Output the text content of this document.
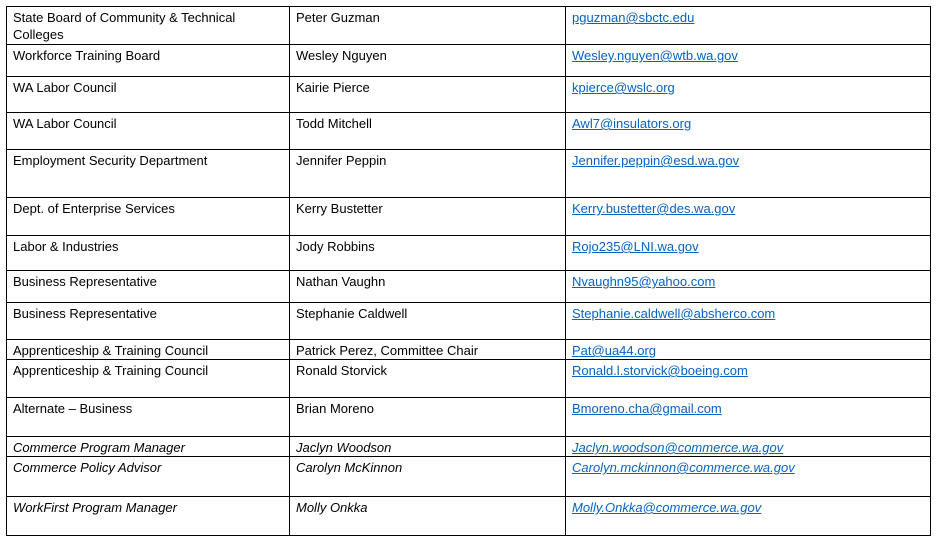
State Board of Community & Technical Colleges	Peter Guzman	pguzman@sbctc.edu
Workforce Training Board	Wesley Nguyen	Wesley.nguyen@wtb.wa.gov
WA Labor Council	Kairie Pierce	kpierce@wslc.org
WA Labor Council	Todd Mitchell	Awl7@insulators.org
Employment Security Department	Jennifer Peppin	Jennifer.peppin@esd.wa.gov
Dept. of Enterprise Services	Kerry Bustetter	Kerry.bustetter@des.wa.gov
Labor & Industries	Jody Robbins	Rojo235@LNI.wa.gov
Business Representative	Nathan Vaughn	Nvaughn95@yahoo.com
Business Representative	Stephanie Caldwell	Stephanie.caldwell@absherco.com
Apprenticeship & Training Council	Patrick Perez, Committee Chair	Pat@ua44.org
Apprenticeship & Training Council	Ronald Storvick	Ronald.l.storvick@boeing.com
Alternate – Business	Brian Moreno	Bmoreno.cha@gmail.com
Commerce Program Manager	Jaclyn Woodson	Jaclyn.woodson@commerce.wa.gov
Commerce Policy Advisor	Carolyn McKinnon	Carolyn.mckinnon@commerce.wa.gov
WorkFirst Program Manager	Molly Onkka	Molly.Onkka@commerce.wa.gov
